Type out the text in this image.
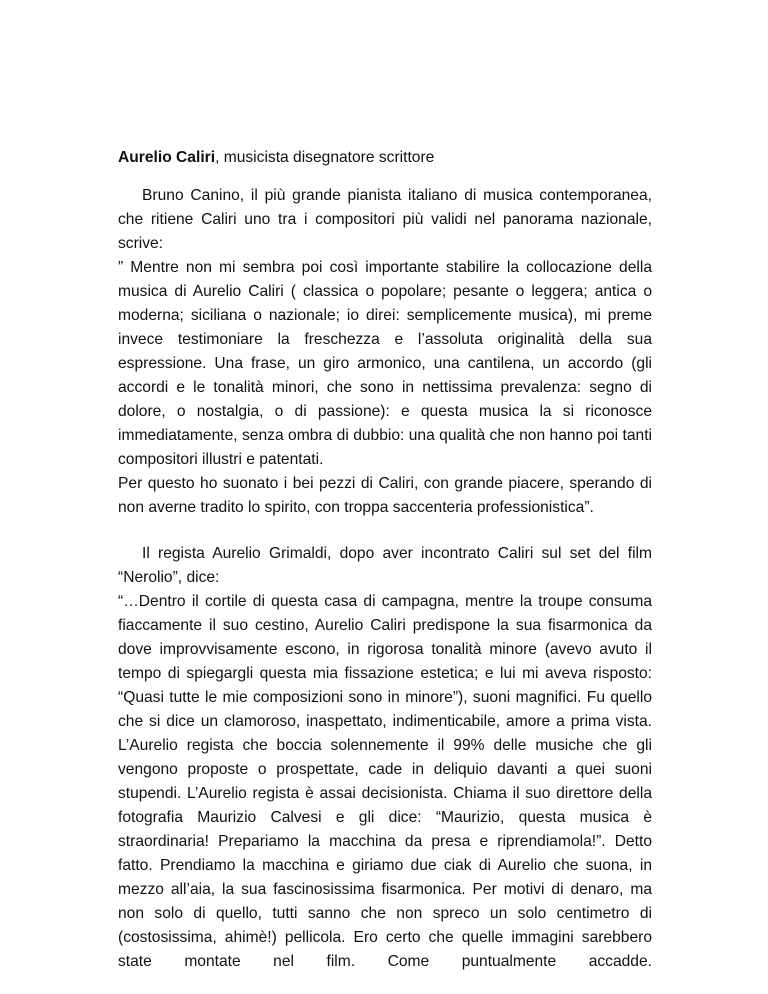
Aurelio Caliri, musicista disegnatore scrittore

Bruno Canino, il più grande pianista italiano di musica contemporanea, che ritiene Caliri uno tra i compositori più validi nel panorama nazionale, scrive:

” Mentre non mi sembra poi così importante stabilire la collocazione della musica di Aurelio Caliri ( classica o popolare; pesante o leggera; antica o moderna; siciliana o nazionale; io direi: semplicemente musica), mi preme invece testimoniare la freschezza e l’assoluta originalità della sua espressione. Una frase, un giro armonico, una cantilena, un accordo (gli accordi e le tonalità minori, che sono in nettissima prevalenza: segno di dolore, o nostalgia, o di passione): e questa musica la si riconosce immediatamente, senza ombra di dubbio: una qualità che non hanno poi tanti compositori illustri e patentati.

Per questo ho suonato i bei pezzi di Caliri, con grande piacere, sperando di non averne tradito lo spirito, con troppa saccenteria professionistica”.

Il regista Aurelio Grimaldi, dopo aver incontrato Caliri sul set del film “Nerolio”, dice:

“…Dentro il cortile di questa casa di campagna, mentre la troupe consuma fiaccamente il suo cestino, Aurelio Caliri predispone la sua fisarmonica da dove improvvisamente escono, in rigorosa tonalità minore (avevo avuto il tempo di spiegargli questa mia fissazione estetica; e lui mi aveva risposto: “Quasi tutte le mie composizioni sono in minore”), suoni magnifici. Fu quello che si dice un clamoroso, inaspettato, indimenticabile, amore a prima vista. L’Aurelio regista che boccia solennemente il 99% delle musiche che gli vengono proposte o prospettate, cade in deliquio davanti a quei suoni stupendi. L’Aurelio regista è assai decisionista. Chiama il suo direttore della fotografia Maurizio Calvesi e gli dice: “Maurizio, questa musica è straordinaria! Prepariamo la macchina da presa e riprendiamola!”. Detto fatto. Prendiamo la macchina e giriamo due ciak di Aurelio che suona, in mezzo all’aia, la sua fascinosissima fisarmonica. Per motivi di denaro, ma non solo di quello, tutti sanno che non spreco un solo centimetro di (costosissima, ahimè!) pellicola. Ero certo che quelle immagini sarebbero state montate nel film. Come puntualmente accadde.
